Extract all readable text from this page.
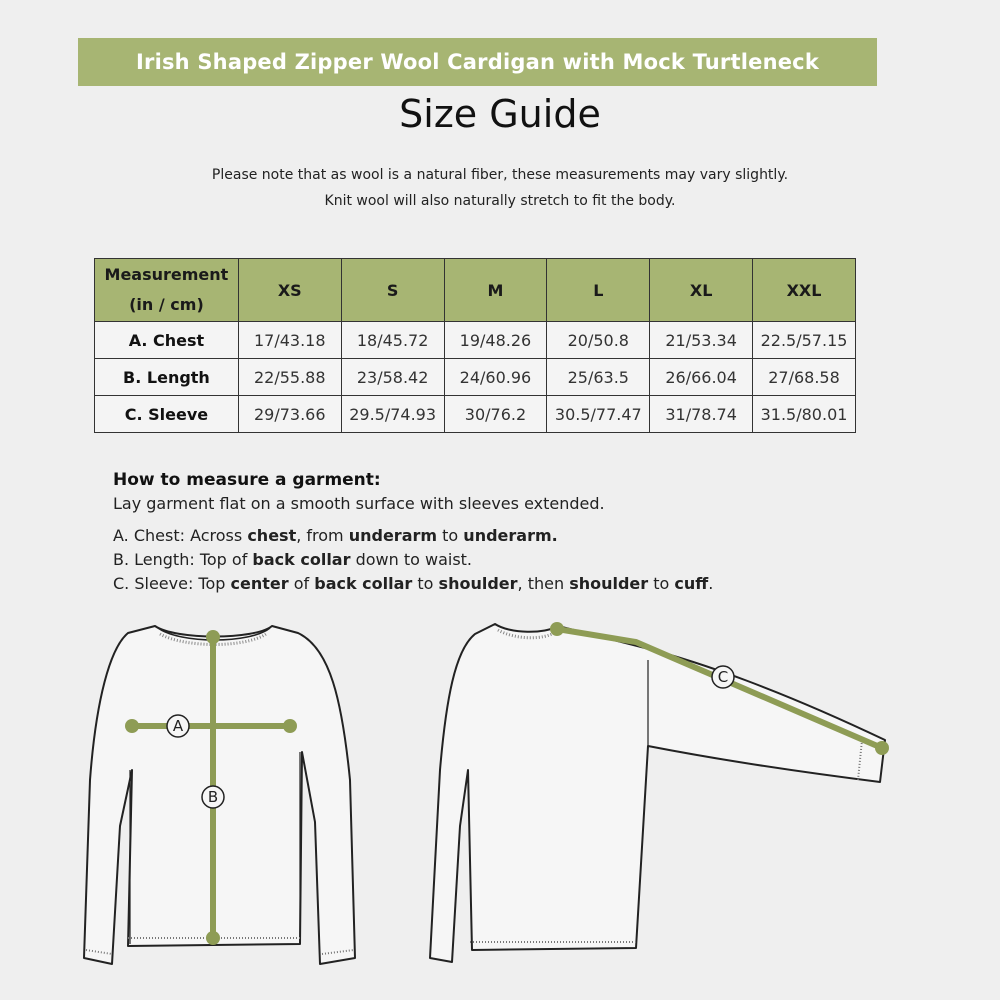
Irish Shaped Zipper Wool Cardigan with Mock Turtleneck
Size Guide
Please note that as wool is a natural fiber, these measurements may vary slightly.
Knit wool will also naturally stretch to fit the body.
Measurement
(in / cm)	XS	S	M	L	XL	XXL
A. Chest	17/43.18	18/45.72	19/48.26	20/50.8	21/53.34	22.5/57.15
B. Length	22/55.88	23/58.42	24/60.96	25/63.5	26/66.04	27/68.58
C. Sleeve	29/73.66	29.5/74.93	30/76.2	30.5/77.47	31/78.74	31.5/80.01
How to measure a garment:
Lay garment flat on a smooth surface with sleeves extended.
A. Chest: Across chest, from underarm to underarm.
B. Length: Top of back collar down to waist.
C. Sleeve: Top center of back collar to shoulder, then shoulder to cuff.
A
B
C
